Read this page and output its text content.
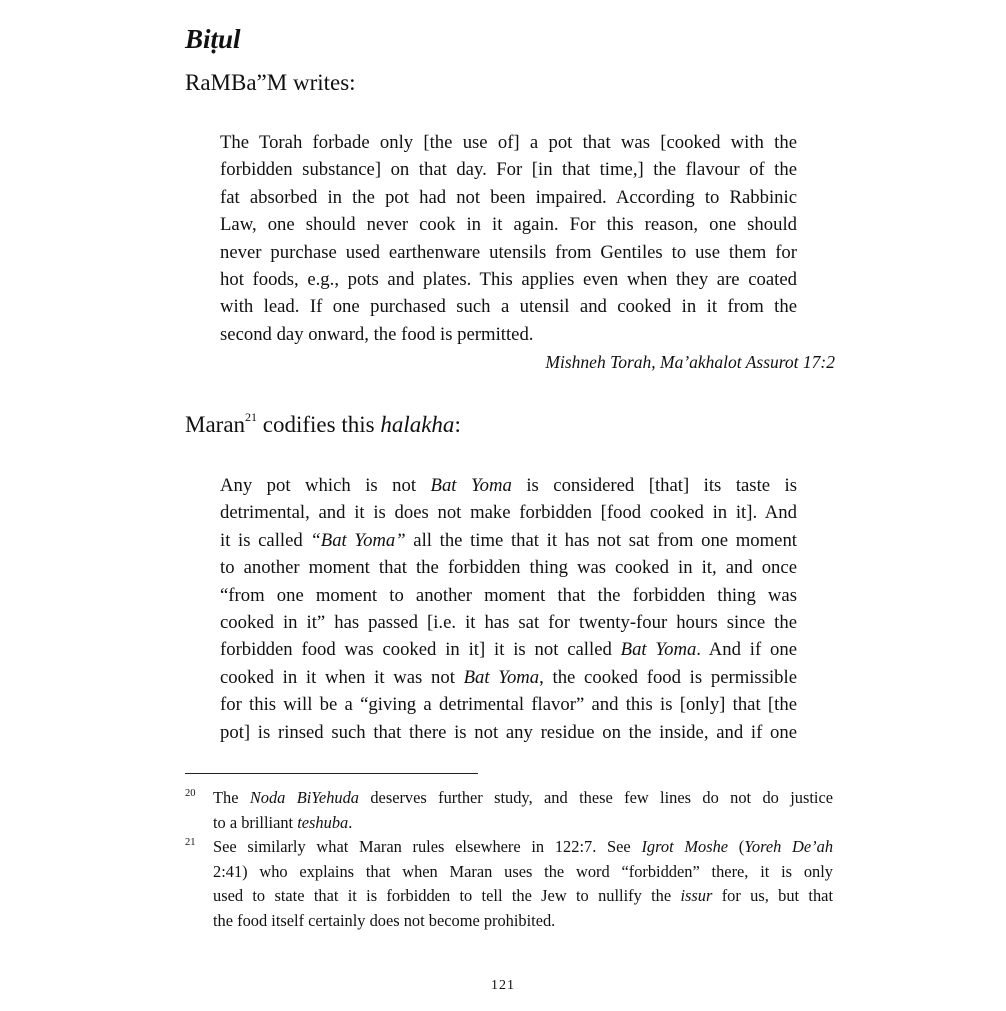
Biṭul

RaMBa”M writes:

The Torah forbade only [the use of] a pot that was [cooked with the
forbidden substance] on that day. For [in that time,] the flavour of the
fat absorbed in the pot had not been impaired. According to Rabbinic
Law, one should never cook in it again. For this reason, one should
never purchase used earthenware utensils from Gentiles to use them for
hot foods, e.g., pots and plates. This applies even when they are coated
with lead. If one purchased such a utensil and cooked in it from the
second day onward, the food is permitted.
Mishneh Torah, Ma’akhalot Assurot 17:2

Maran$^{21}$ codifies this halakha:

Any pot which is not Bat Yoma is considered [that] its taste is
detrimental, and it is does not make forbidden [food cooked in it]. And
it is called “Bat Yoma” all the time that it has not sat from one moment
to another moment that the forbidden thing was cooked in it, and once
“from one moment to another moment that the forbidden thing was
cooked in it” has passed [i.e. it has sat for twenty-four hours since the
forbidden food was cooked in it] it is not called Bat Yoma. And if one
cooked in it when it was not Bat Yoma, the cooked food is permissible
for this will be a “giving a detrimental flavor” and this is [only] that [the
pot] is rinsed such that there is not any residue on the inside, and if one
20 The Noda BiYehuda deserves further study, and these few lines do not do justice
to a brilliant teshuba.
21 See similarly what Maran rules elsewhere in 122:7. See Igrot Moshe (Yoreh De’ah
2:41) who explains that when Maran uses the word “forbidden” there, it is only
used to state that it is forbidden to tell the Jew to nullify the issur for us, but that
the food itself certainly does not become prohibited.
121
